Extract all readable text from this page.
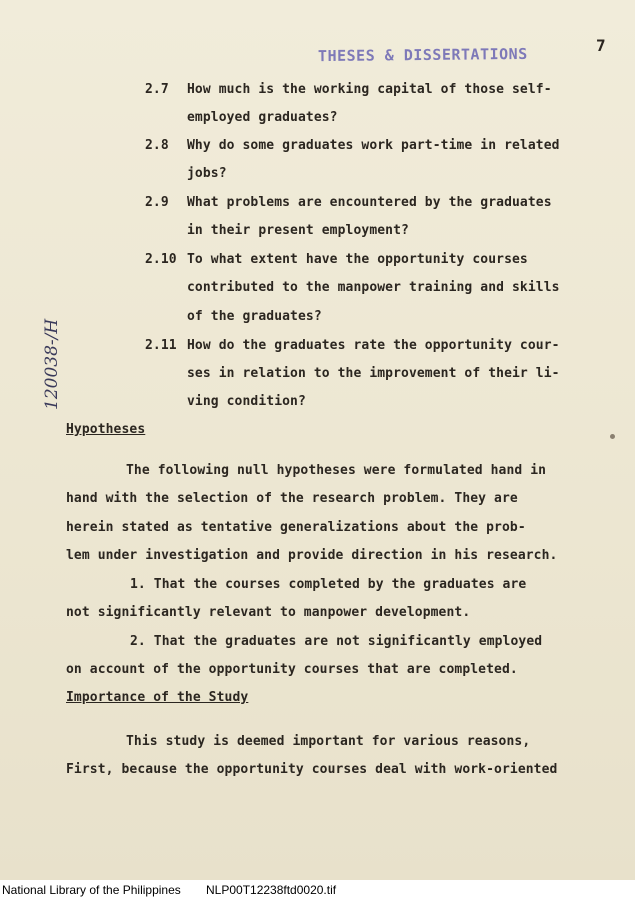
THESES & DISSERTATIONS	7
120038-/H
2.7 How much is the working capital of those self-
employed graduates?
2.8 Why do some graduates work part-time in related
jobs?
2.9 What problems are encountered by the graduates
in their present employment?
2.10 To what extent have the opportunity courses
contributed to the manpower training and skills
of the graduates?
2.11 How do the graduates rate the opportunity cour-
ses in relation to the improvement of their li-
ving condition?
Hypotheses
The following null hypotheses were formulated hand in
hand with the selection of the research problem. They are
herein stated as tentative generalizations about the prob-
lem under investigation and provide direction in his research.
1. That the courses completed by the graduates are
not significantly relevant to manpower development.
2. That the graduates are not significantly employed
on account of the opportunity courses that are completed.
Importance of the Study
This study is deemed important for various reasons,
First, because the opportunity courses deal with work-oriented
National Library of the Philippines NLP00T12238ftd0020.tif
